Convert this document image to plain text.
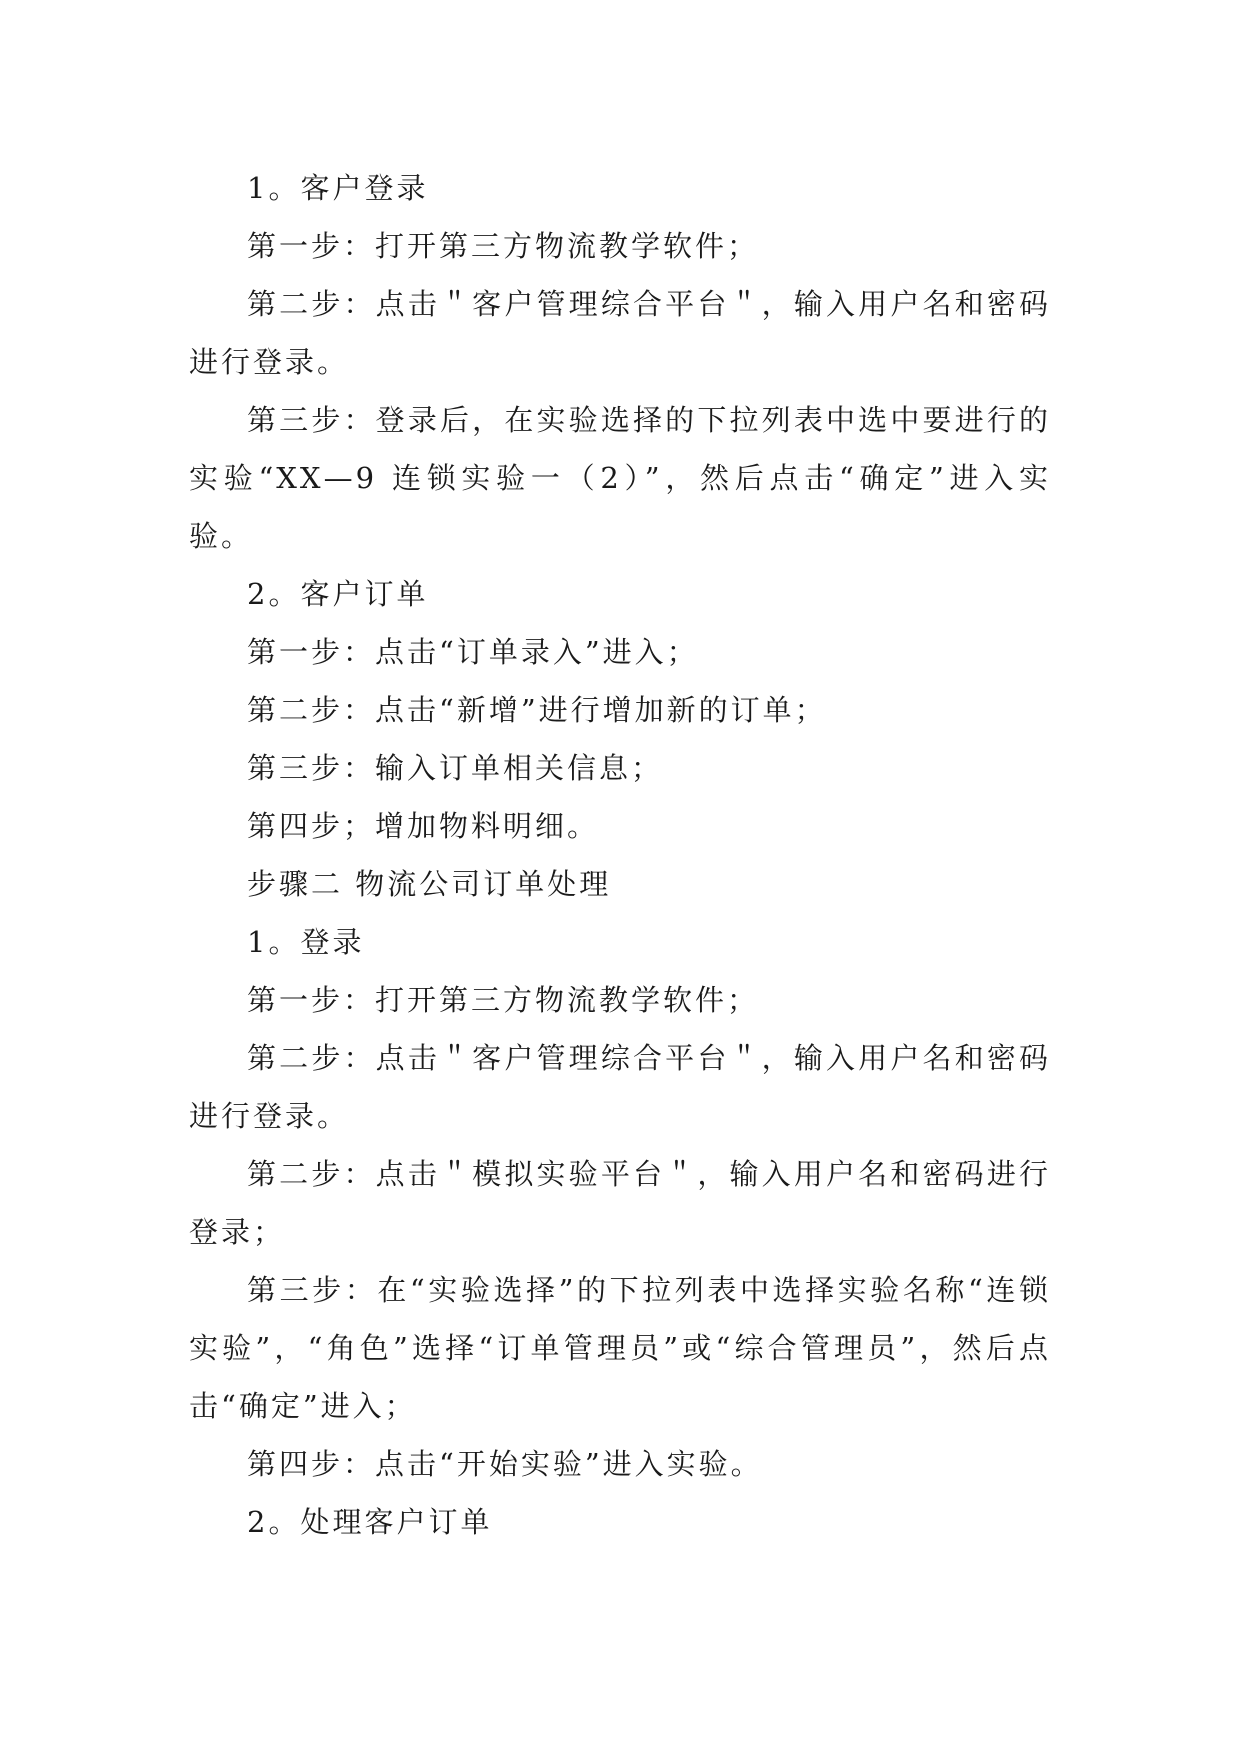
1。客户登录

第一步：打开第三方物流教学软件；

第二步：点击＂客户管理综合平台＂，输入用户名和密码进行登录。

第三步：登录后，在实验选择的下拉列表中选中要进行的实验“XX—9 连锁实验一（2）”，然后点击“确定”进入实验。

2。客户订单

第一步：点击“订单录入”进入；

第二步：点击“新增”进行增加新的订单；

第三步：输入订单相关信息；

第四步；增加物料明细。

步骤二 物流公司订单处理

1。登录

第一步：打开第三方物流教学软件；

第二步：点击＂客户管理综合平台＂，输入用户名和密码进行登录。

第二步：点击＂模拟实验平台＂，输入用户名和密码进行登录；

第三步：在“实验选择”的下拉列表中选择实验名称“连锁实验”，“角色”选择“订单管理员”或“综合管理员”，然后点击“确定”进入；

第四步：点击“开始实验”进入实验。

2。处理客户订单
